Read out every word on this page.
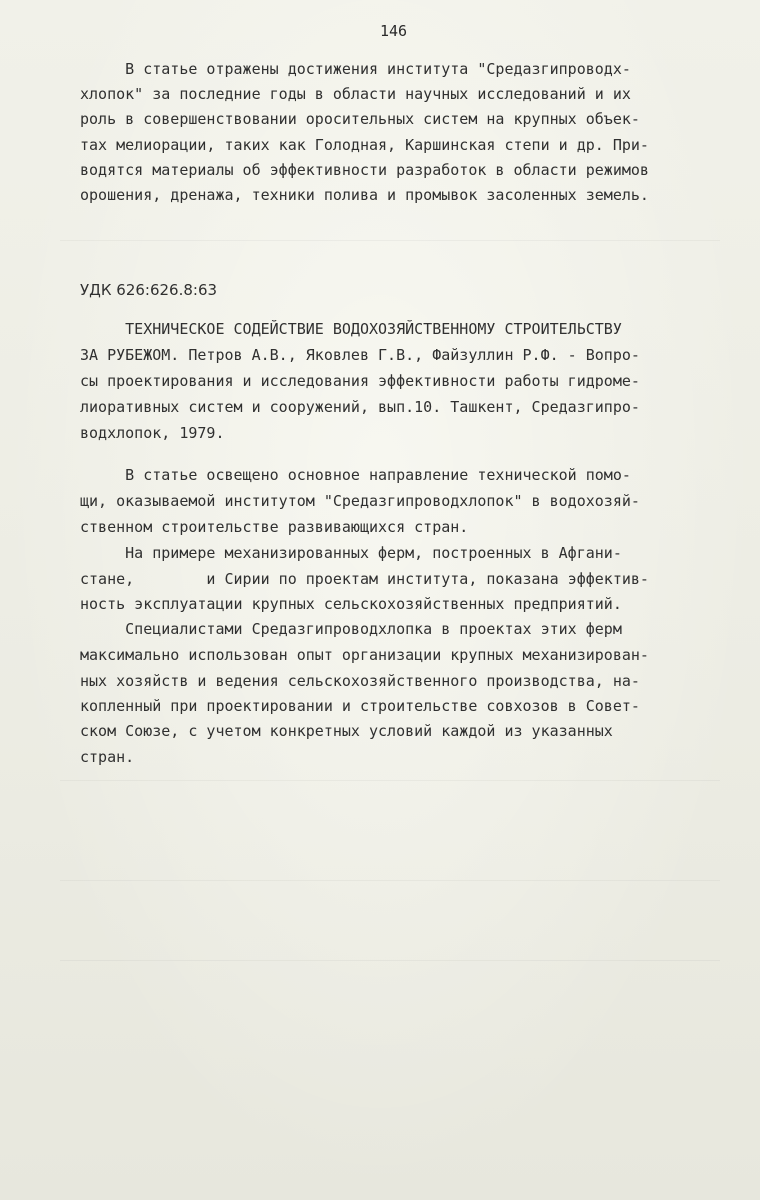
146
В статье отражены достижения института "Средазгипроводх-
хлопок" за последние годы в области научных исследований и их
роль в совершенствовании оросительных систем на крупных объек-
тах мелиорации, таких как Голодная, Каршинская степи и др. При-
водятся материалы об эффективности разработок в области режимов
орошения, дренажа, техники полива и промывок засоленных земель.
УДК 626:626.8:63
ТЕХНИЧЕСКОЕ СОДЕЙСТВИЕ ВОДОХОЗЯЙСТВЕННОМУ СТРОИТЕЛЬСТВУ
ЗА РУБЕЖОМ. Петров А.В., Яковлев Г.В., Файзуллин Р.Ф. - Вопро-
сы проектирования и исследования эффективности работы гидроме-
лиоративных систем и сооружений, вып.10. Ташкент, Средазгипро-
водхлопок, 1979.
В статье освещено основное направление технической помо-
щи, оказываемой институтом "Средазгипроводхлопок" в водохозяй-
ственном строительстве развивающихся стран.
На примере механизированных ферм, построенных в Афгани-
стане,        и Сирии по проектам института, показана эффектив-
ность эксплуатации крупных сельскохозяйственных предприятий.
Специалистами Средазгипроводхлопка в проектах этих ферм
максимально использован опыт организации крупных механизирован-
ных хозяйств и ведения сельскохозяйственного производства, на-
копленный при проектировании и строительстве совхозов в Совет-
ском Союзе, с учетом конкретных условий каждой из указанных
стран.
